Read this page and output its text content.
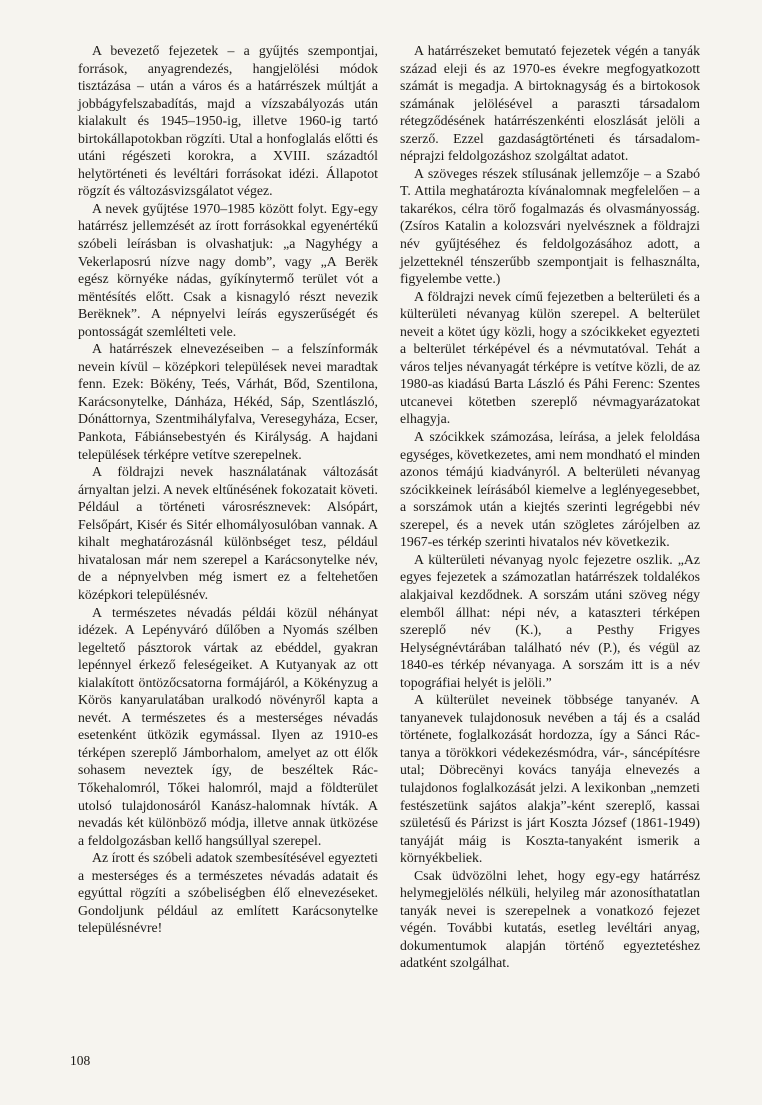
A bevezető fejezetek – a gyűjtés szempontjai, források, anyagrendezés, hangjelölési módok tisztázása – után a város és a határrészek múltját a jobbágyfelszabadítás, majd a vízszabályozás után kialakult és 1945–1950-ig, illetve 1960-ig tartó birtokállapotokban rögzíti. Utal a honfoglalás előtti és utáni régészeti korokra, a XVIII. századtól helytörténeti és levéltári forrásokat idézi. Állapotot rögzít és változásvizsgálatot végez.

A nevek gyűjtése 1970–1985 között folyt. Egy-egy határrész jellemzését az írott forrásokkal egyenértékű szóbeli leírásban is olvashatjuk: „a Nagyhégy a Vekerlaposrú nízve nagy domb”, vagy „A Berëk egész környéke nádas, gyíkínytermő terület vót a mëntésítés előtt. Csak a kisnagyló részt nevezik Berëknek”. A népnyelvi leírás egyszerűségét és pontosságát szemlélteti vele.

A határrészek elnevezéseiben – a felszínformák nevein kívül – középkori települések nevei maradtak fenn. Ezek: Bökény, Teés, Várhát, Bőd, Szentilona, Karácsonytelke, Dánháza, Hékéd, Sáp, Szentlászló, Dónáttornya, Szentmihályfalva, Veresegyháza, Ecser, Pankota, Fábiánsebestyén és Királyság. A hajdani települések térképre vetítve szerepelnek.

A földrajzi nevek használatának változását árnyaltan jelzi. A nevek eltűnésének fokozatait követi. Például a történeti városrésznevek: Alsópárt, Felsőpárt, Kisér és Sitér elhomályosulóban vannak. A kihalt meghatározásnál különbséget tesz, például hivatalosan már nem szerepel a Karácsonytelke név, de a népnyelvben még ismert ez a feltehetően középkori településnév.

A természetes névadás példái közül néhányat idézek. A Lepényváró dűlőben a Nyomás szélben legeltető pásztorok vártak az ebéddel, gyakran lepénnyel érkező feleségeiket. A Kutyanyak az ott kialakított öntözőcsatorna formájáról, a Kökényzug a Körös kanyarulatában uralkodó növényről kapta a nevét. A természetes és a mesterséges névadás esetenként ütközik egymással. Ilyen az 1910-es térképen szereplő Jámborhalom, amelyet az ott élők sohasem neveztek így, de beszéltek Rác-Tőkehalomról, Tőkei halomról, majd a földterület utolsó tulajdonosáról Kanász-halomnak hívták. A nevadás két különböző módja, illetve annak ütközése a feldolgozásban kellő hangsúllyal szerepel.

Az írott és szóbeli adatok szembesítésével egyezteti a mesterséges és a természetes névadás adatait és egyúttal rögzíti a szóbeliségben élő elnevezéseket. Gondoljunk például az említett Karácsonytelke településnévre!

A határrészeket bemutató fejezetek végén a tanyák század eleji és az 1970-es évekre megfogyatkozott számát is megadja. A birtoknagyság és a birtokosok számának jelölésével a paraszti társadalom rétegződésének határrészenkénti eloszlását jelöli a szerző. Ezzel gazdaságtörténeti és társadalom-néprajzi feldolgozáshoz szolgáltat adatot.

A szöveges részek stílusának jellemzője – a Szabó T. Attila meghatározta kívánalomnak megfelelően – a takarékos, célra törő fogalmazás és olvasmányosság. (Zsíros Katalin a kolozsvári nyelvésznek a földrajzi név gyűjtéséhez és feldolgozásához adott, a jelzetteknél ténszerűbb szempontjait is felhasználta, figyelembe vette.)

A földrajzi nevek című fejezetben a belterületi és a külterületi névanyag külön szerepel. A belterület neveit a kötet úgy közli, hogy a szócikkeket egyezteti a belterület térképével és a névmutatóval. Tehát a város teljes névanyagát térképre is vetítve közli, de az 1980-as kiadású Barta László és Páhi Ferenc: Szentes utcanevei kötetben szereplő névmagyarázatokat elhagyja.

A szócikkek számozása, leírása, a jelek feloldása egységes, következetes, ami nem mondható el minden azonos témájú kiadványról. A belterületi névanyag szócikkeinek leírásából kiemelve a leglényegesebbet, a sorszámok után a kiejtés szerinti legrégebbi név szerepel, és a nevek után szögletes zárójelben az 1967-es térkép szerinti hivatalos név következik.

A külterületi névanyag nyolc fejezetre oszlik. „Az egyes fejezetek a számozatlan határrészek toldalékos alakjaival kezdődnek. A sorszám utáni szöveg négy elemből állhat: népi név, a kataszteri térképen szereplő név (K.), a Pesthy Frigyes Helységnévtárában található név (P.), és végül az 1840-es térkép névanyaga. A sorszám itt is a név topográfiai helyét is jelöli.”

A külterület neveinek többsége tanyanév. A tanyanevek tulajdonosuk nevében a táj és a család története, foglalkozását hordozza, így a Sánci Rác-tanya a törökkori védekezésmódra, vár-, sáncépítésre utal; Döbrecënyi kovács tanyája elnevezés a tulajdonos foglalkozását jelzi. A lexikonban „nemzeti festészetünk sajátos alakja”-ként szereplő, kassai születésű és Párizst is járt Koszta József (1861-1949) tanyáját máig is Koszta-tanyaként ismerik a környékbeliek.

Csak üdvözölni lehet, hogy egy-egy határrész helymegjelölés nélküli, helyileg már azonosíthatatlan tanyák nevei is szerepelnek a vonatkozó fejezet végén. További kutatás, esetleg levéltári anyag, dokumentumok alapján történő egyeztetéshez adatként szolgálhat.

108
